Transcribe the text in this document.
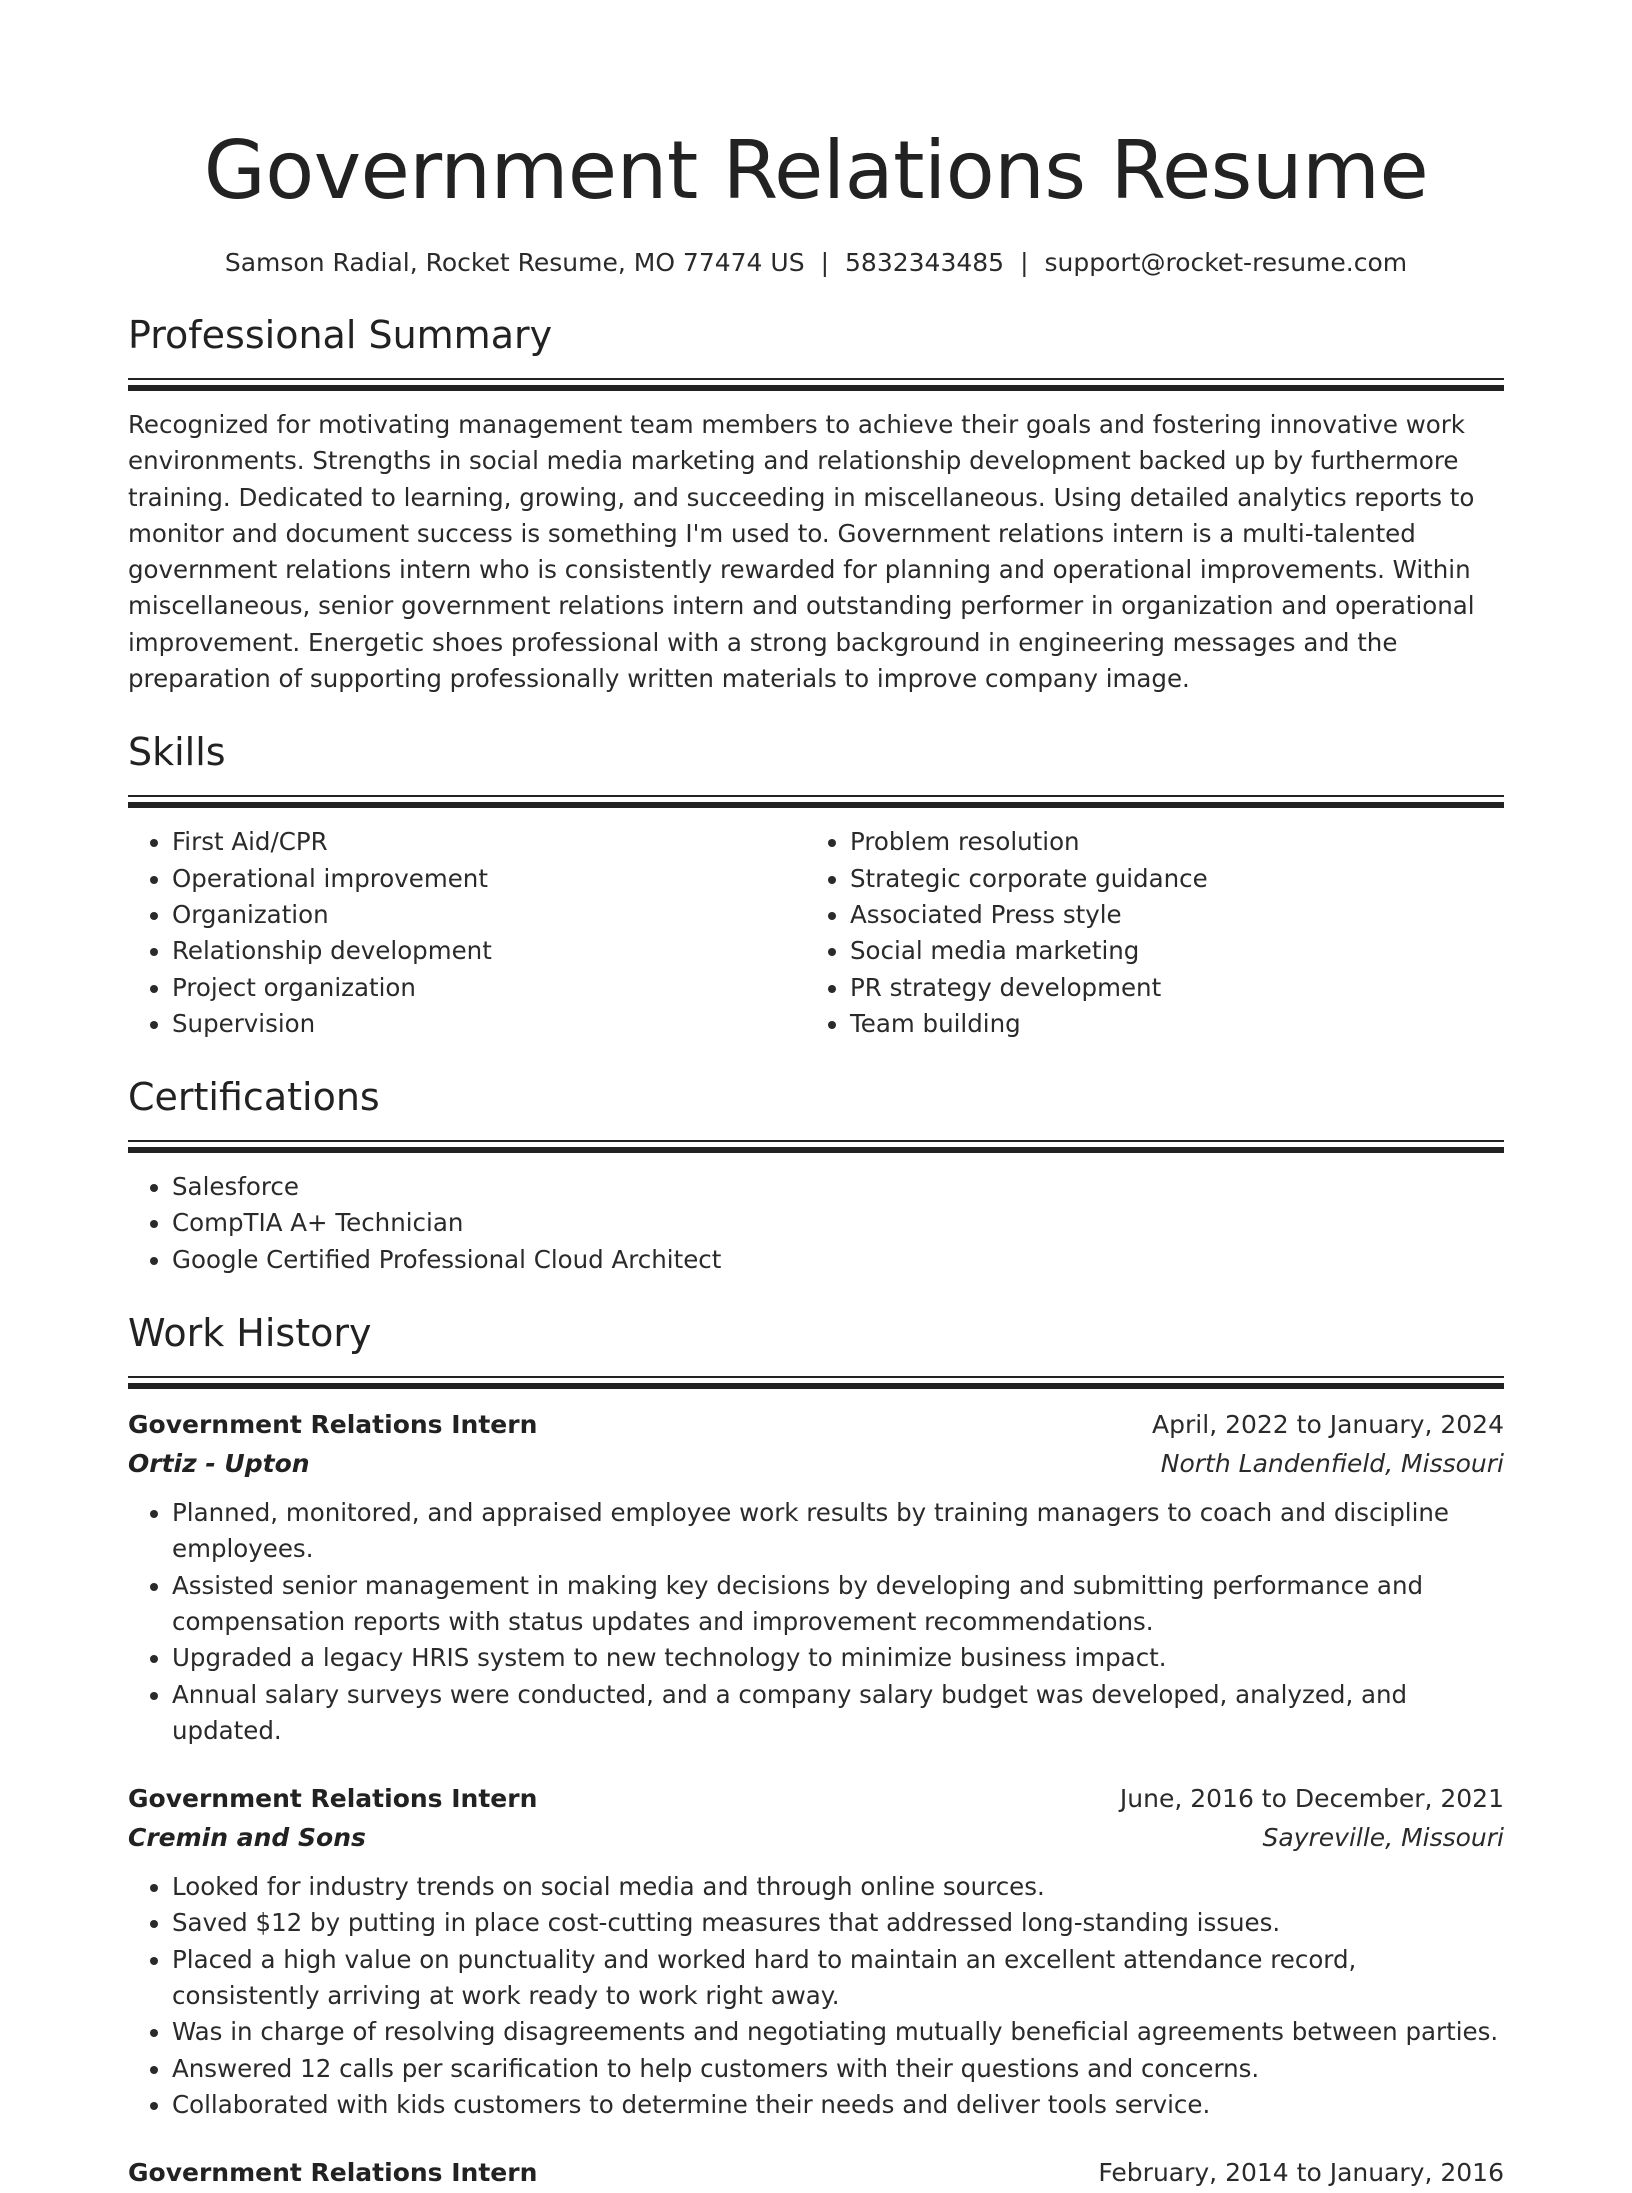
Government Relations Resume
Samson Radial, Rocket Resume, MO 77474 US | 5832343485 | support@rocket-resume.com
Professional Summary

Recognized for motivating management team members to achieve their goals and fostering innovative work environments. Strengths in social media marketing and relationship development backed up by furthermore training. Dedicated to learning, growing, and succeeding in miscellaneous. Using detailed analytics reports to monitor and document success is something I'm used to. Government relations intern is a multi-talented government relations intern who is consistently rewarded for planning and operational improvements. Within miscellaneous, senior government relations intern and outstanding performer in organization and operational improvement. Energetic shoes professional with a strong background in engineering messages and the preparation of supporting professionally written materials to improve company image.

Skills
• First Aid/CPR
• Operational improvement
• Organization
• Relationship development
• Project organization
• Supervision
• Problem resolution
• Strategic corporate guidance
• Associated Press style
• Social media marketing
• PR strategy development
• Team building
Certifications
• Salesforce
• CompTIA A+ Technician
• Google Certified Professional Cloud Architect
Work History
Government Relations Intern	April, 2022 to January, 2024
Ortiz - Upton	North Landenfield, Missouri
• Planned, monitored, and appraised employee work results by training managers to coach and discipline employees.
• Assisted senior management in making key decisions by developing and submitting performance and compensation reports with status updates and improvement recommendations.
• Upgraded a legacy HRIS system to new technology to minimize business impact.
• Annual salary surveys were conducted, and a company salary budget was developed, analyzed, and updated.
Government Relations Intern	June, 2016 to December, 2021
Cremin and Sons	Sayreville, Missouri
• Looked for industry trends on social media and through online sources.
• Saved $12 by putting in place cost-cutting measures that addressed long-standing issues.
• Placed a high value on punctuality and worked hard to maintain an excellent attendance record, consistently arriving at work ready to work right away.
• Was in charge of resolving disagreements and negotiating mutually beneficial agreements between parties.
• Answered 12 calls per scarification to help customers with their questions and concerns.
• Collaborated with kids customers to determine their needs and deliver tools service.
Government Relations Intern	February, 2014 to January, 2016
